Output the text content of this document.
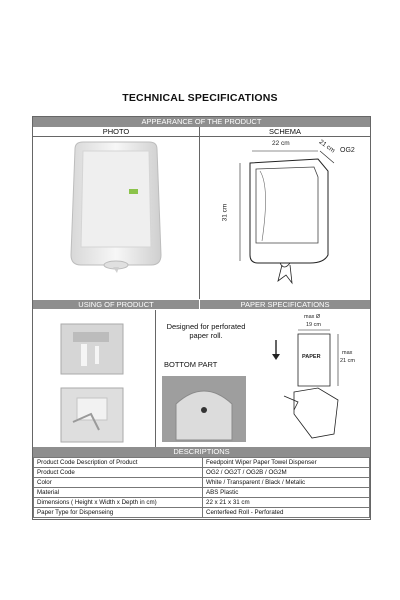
TECHNICAL SPECIFICATIONS
APPEARANCE OF THE PRODUCT
PHOTO	SCHEMA
OG2
22 cm	21 cm
31 cm
USING OF PRODUCT	PAPER SPECIFICATIONS
Designed for perforated paper roll.
BOTTOM PART
max Ø
19 cm
max
21 cm
PAPER
DESCRIPTIONS
Product Code Description of Product	Feedpoint Wiper Paper Towel Dispenser
Product Code	OG2 / OG2T / OG2B / OG2M
Color	White / Transparent / Black / Metalic
Material	ABS Plastic
Dimensions ( Height x Width x Depth in cm)	22 x 21 x 31 cm
Paper Type for Dispenseing	Centerfeed Roll - Perforated
